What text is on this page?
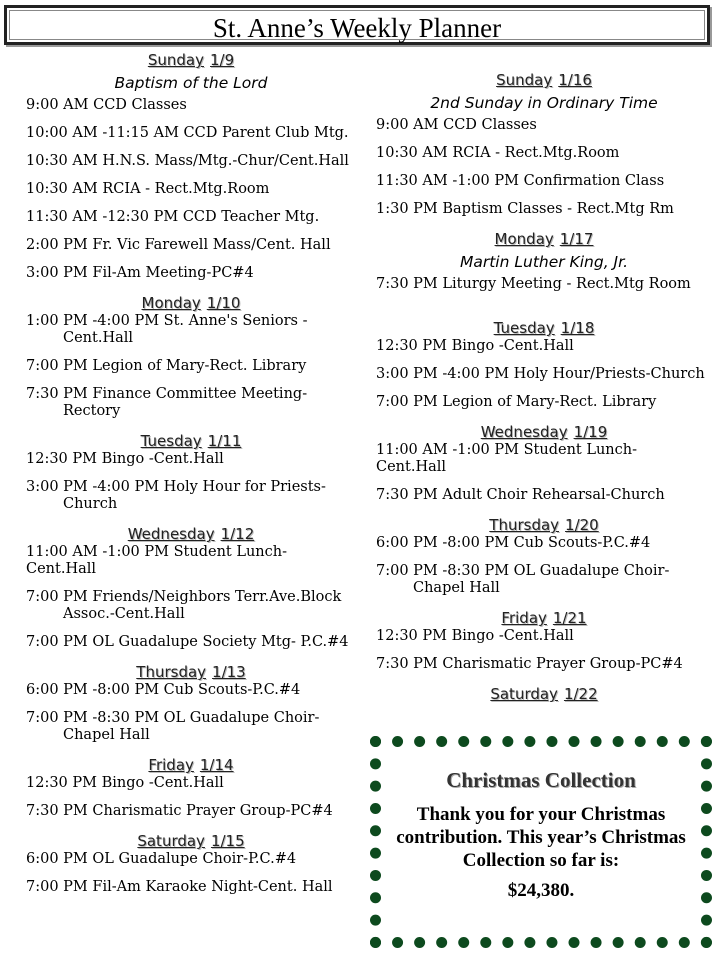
St. Anne’s Weekly Planner
Sunday 1/9
Baptism of the Lord
9:00 AM CCD Classes
10:00 AM -11:15 AM CCD Parent Club Mtg.
10:30 AM H.N.S. Mass/Mtg.-Chur/Cent.Hall
10:30 AM RCIA - Rect.Mtg.Room
11:30 AM -12:30 PM CCD Teacher Mtg.
2:00 PM Fr. Vic Farewell Mass/Cent. Hall
3:00 PM Fil-Am Meeting-PC#4
Monday 1/10
1:00 PM -4:00 PM St. Anne's Seniors -
Cent.Hall
7:00 PM Legion of Mary-Rect. Library
7:30 PM Finance Committee Meeting-
Rectory
Tuesday 1/11
12:30 PM Bingo -Cent.Hall
3:00 PM -4:00 PM Holy Hour for Priests-
Church
Wednesday 1/12
11:00 AM -1:00 PM Student Lunch-
Cent.Hall
7:00 PM Friends/Neighbors Terr.Ave.Block
Assoc.-Cent.Hall
7:00 PM OL Guadalupe Society Mtg- P.C.#4
Thursday 1/13
6:00 PM -8:00 PM Cub Scouts-P.C.#4
7:00 PM -8:30 PM OL Guadalupe Choir-
Chapel Hall
Friday 1/14
12:30 PM Bingo -Cent.Hall
7:30 PM Charismatic Prayer Group-PC#4
Saturday 1/15
6:00 PM OL Guadalupe Choir-P.C.#4
7:00 PM Fil-Am Karaoke Night-Cent. Hall
Sunday 1/16
2nd Sunday in Ordinary Time
9:00 AM CCD Classes
10:30 AM RCIA - Rect.Mtg.Room
11:30 AM -1:00 PM Confirmation Class
1:30 PM Baptism Classes - Rect.Mtg Rm
Monday 1/17
Martin Luther King, Jr.
7:30 PM Liturgy Meeting - Rect.Mtg Room
Tuesday 1/18
12:30 PM Bingo -Cent.Hall
3:00 PM -4:00 PM Holy Hour/Priests-Church
7:00 PM Legion of Mary-Rect. Library
Wednesday 1/19
11:00 AM -1:00 PM Student Lunch-
Cent.Hall
7:30 PM Adult Choir Rehearsal-Church
Thursday 1/20
6:00 PM -8:00 PM Cub Scouts-P.C.#4
7:00 PM -8:30 PM OL Guadalupe Choir-
Chapel Hall
Friday 1/21
12:30 PM Bingo -Cent.Hall
7:30 PM Charismatic Prayer Group-PC#4
Saturday 1/22
Christmas Collection
Thank you for your Christmas contribution. This year’s Christmas Collection so far is:
$24,380.
